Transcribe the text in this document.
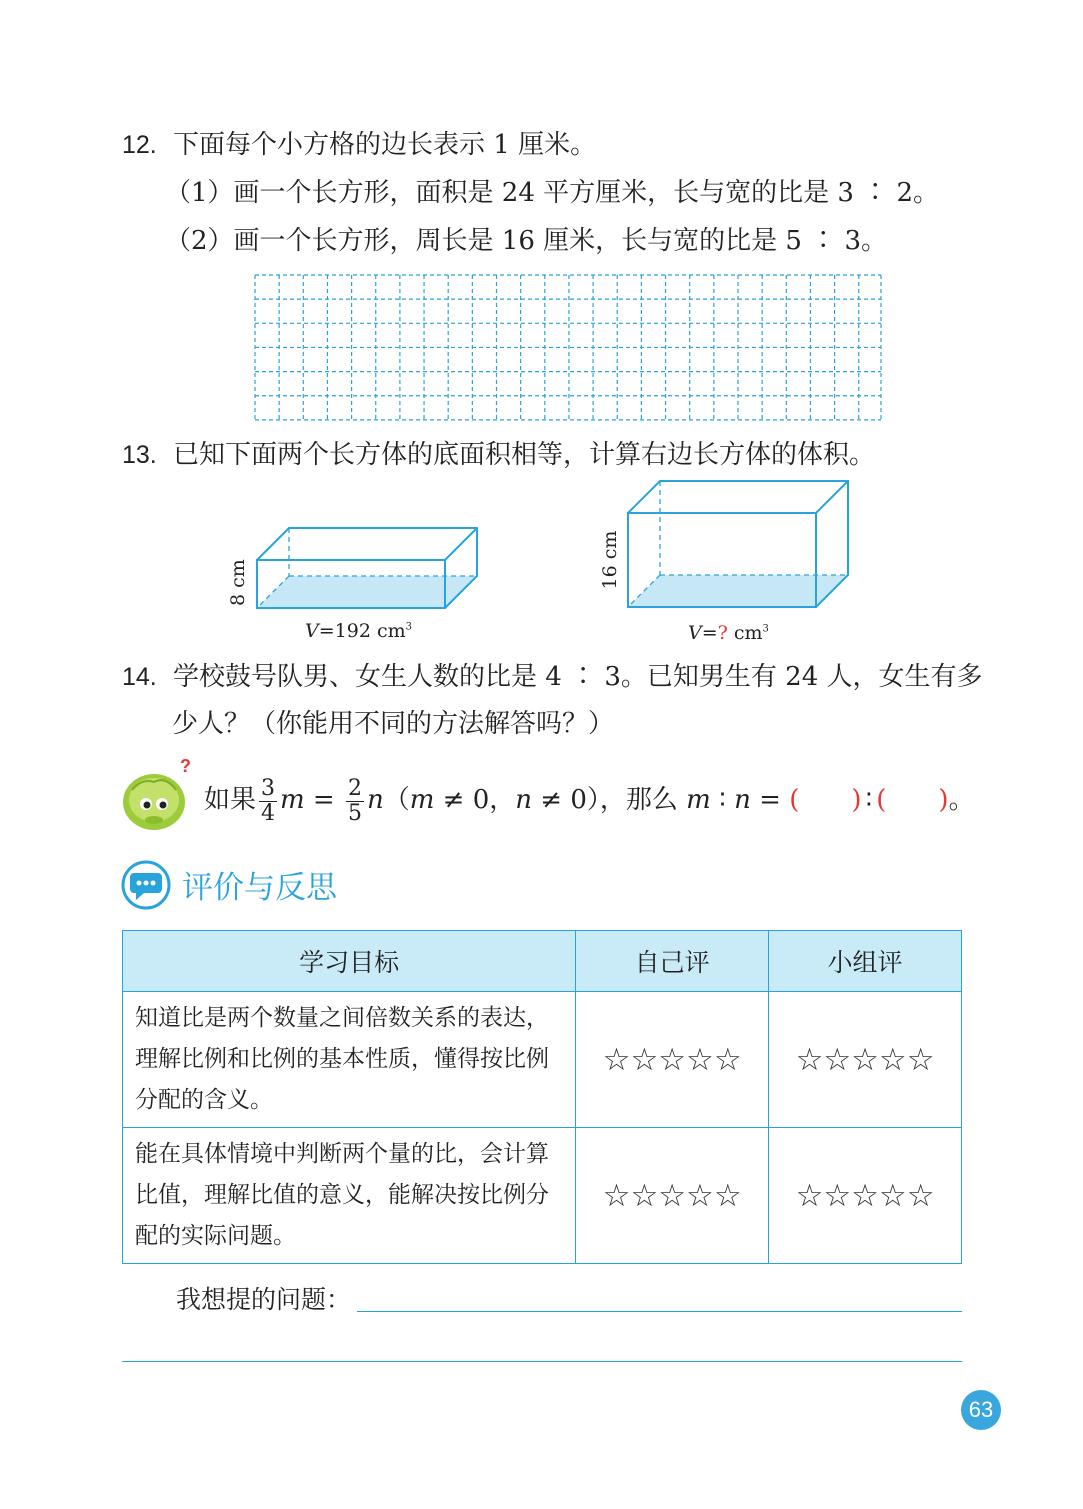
12. 下面每个小方格的边长表示 1 厘米。
（1）画一个长方形，面积是 24 平方厘米，长与宽的比是 3 ∶ 2。
（2）画一个长方形，周长是 16 厘米，长与宽的比是 5 ∶ 3。
13. 已知下面两个长方体的底面积相等，计算右边长方体的体积。
8 cm
V=192 $cm^3$
16 cm
V=? $cm^3$
14. 学校鼓号队男、女生人数的比是 4 ∶ 3。已知男生有 24 人，女生有多
少人？（你能用不同的方法解答吗？）
?
如果 $\frac{3}{4}$ $m = \frac{2}{5} n(m \ne 0$，n ≠ 0），那么 m ∶ n = (　　) ∶ (　　)。
评价与反思
学习目标	自己评	小组评
知道比是两个数量之间倍数关系的表达，理解比例和比例的基本性质，懂得按比例分配的含义。	☆☆☆☆☆	☆☆☆☆☆
能在具体情境中判断两个量的比，会计算比值，理解比值的意义，能解决按比例分配的实际问题。	☆☆☆☆☆	☆☆☆☆☆
我想提的问题：
63
